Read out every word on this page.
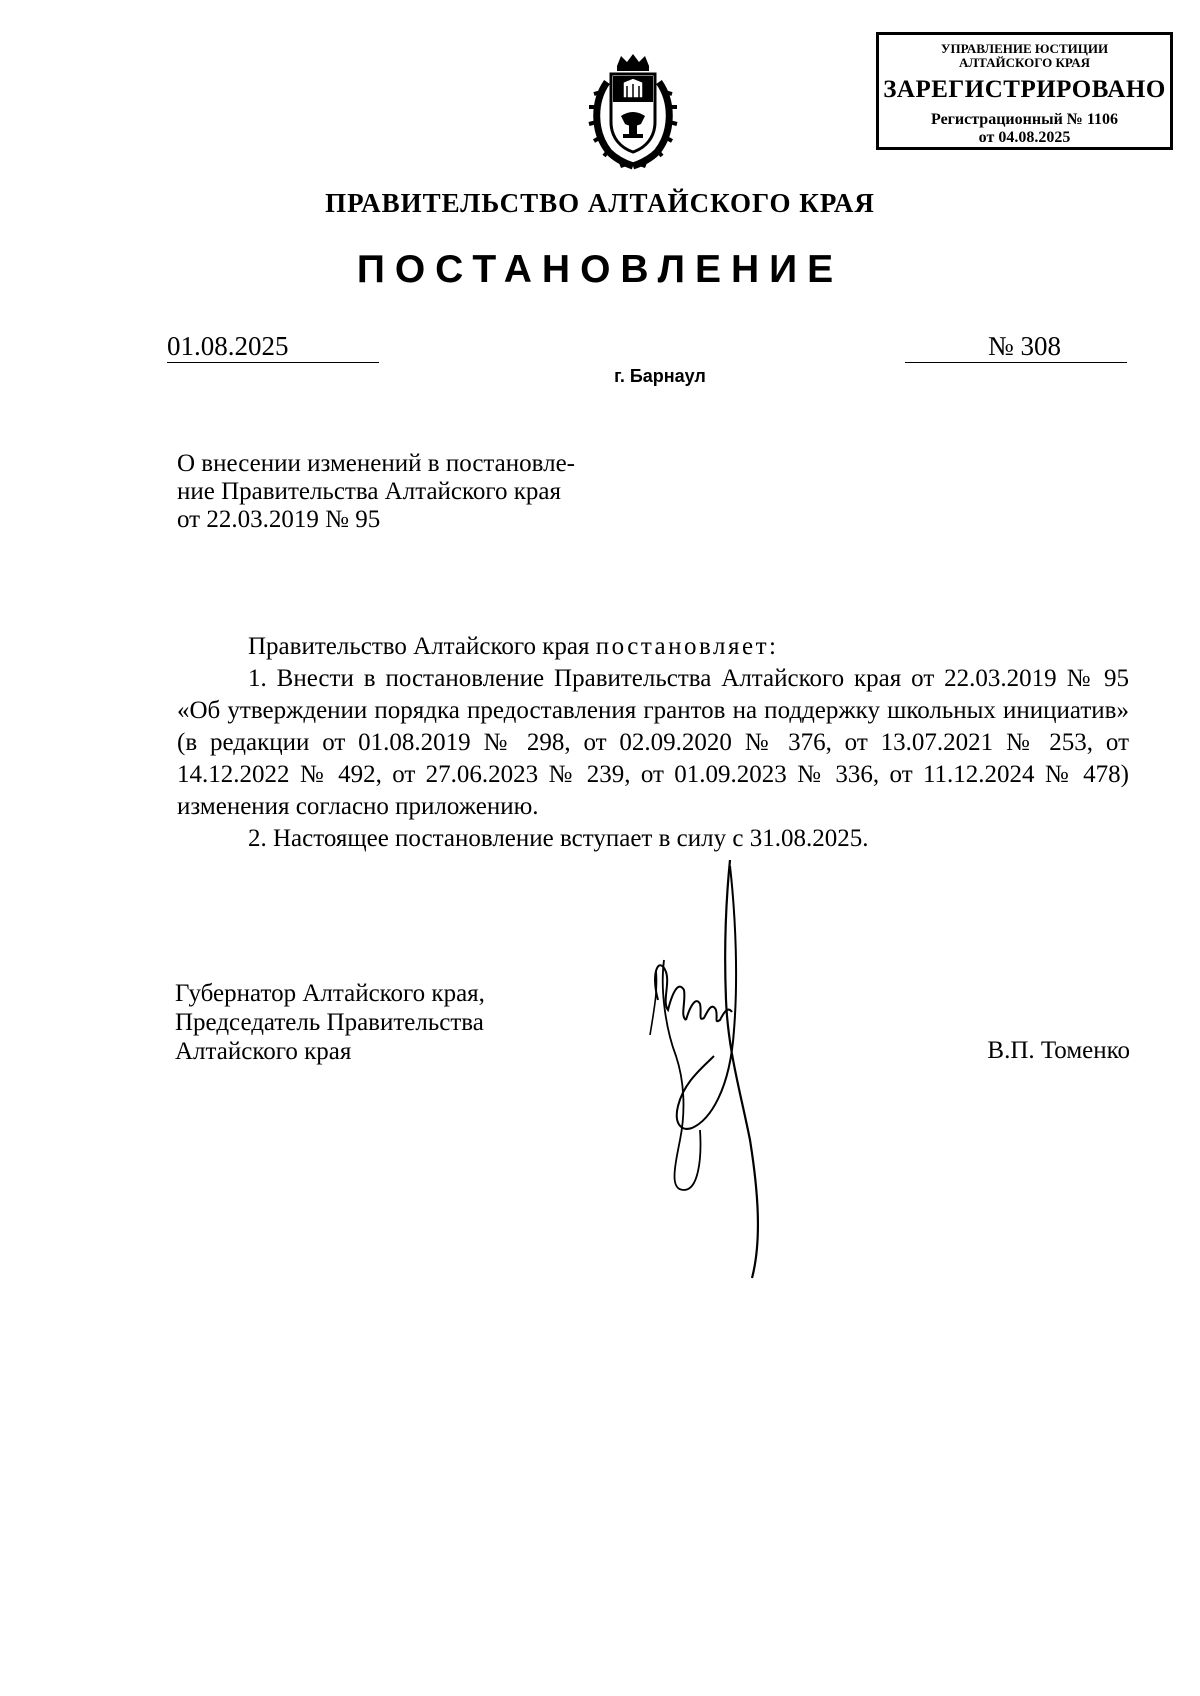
УПРАВЛЕНИЕ ЮСТИЦИИ
АЛТАЙСКОГО КРАЯ
ЗАРЕГИСТРИРОВАНО
Регистрационный № 1106
от 04.08.2025
ПРАВИТЕЛЬСТВО АЛТАЙСКОГО КРАЯ
ПОСТАНОВЛЕНИЕ
01.08.2025	№ 308
г. Барнаул
О внесении изменений в постановле-
ние Правительства Алтайского края
от 22.03.2019 № 95

Правительство Алтайского края постановляет:

1. Внести в постановление Правительства Алтайского края от 22.03.2019 № 95 «Об утверждении порядка предоставления грантов на поддержку школьных инициатив» (в редакции от 01.08.2019 № 298, от 02.09.2020 № 376, от 13.07.2021 № 253, от 14.12.2022 № 492, от 27.06.2023 № 239, от 01.09.2023 № 336, от 11.12.2024 № 478) изменения согласно приложению.

2. Настоящее постановление вступает в силу с 31.08.2025.

Губернатор Алтайского края,
Председатель Правительства
Алтайского края	В.П. Томенко
